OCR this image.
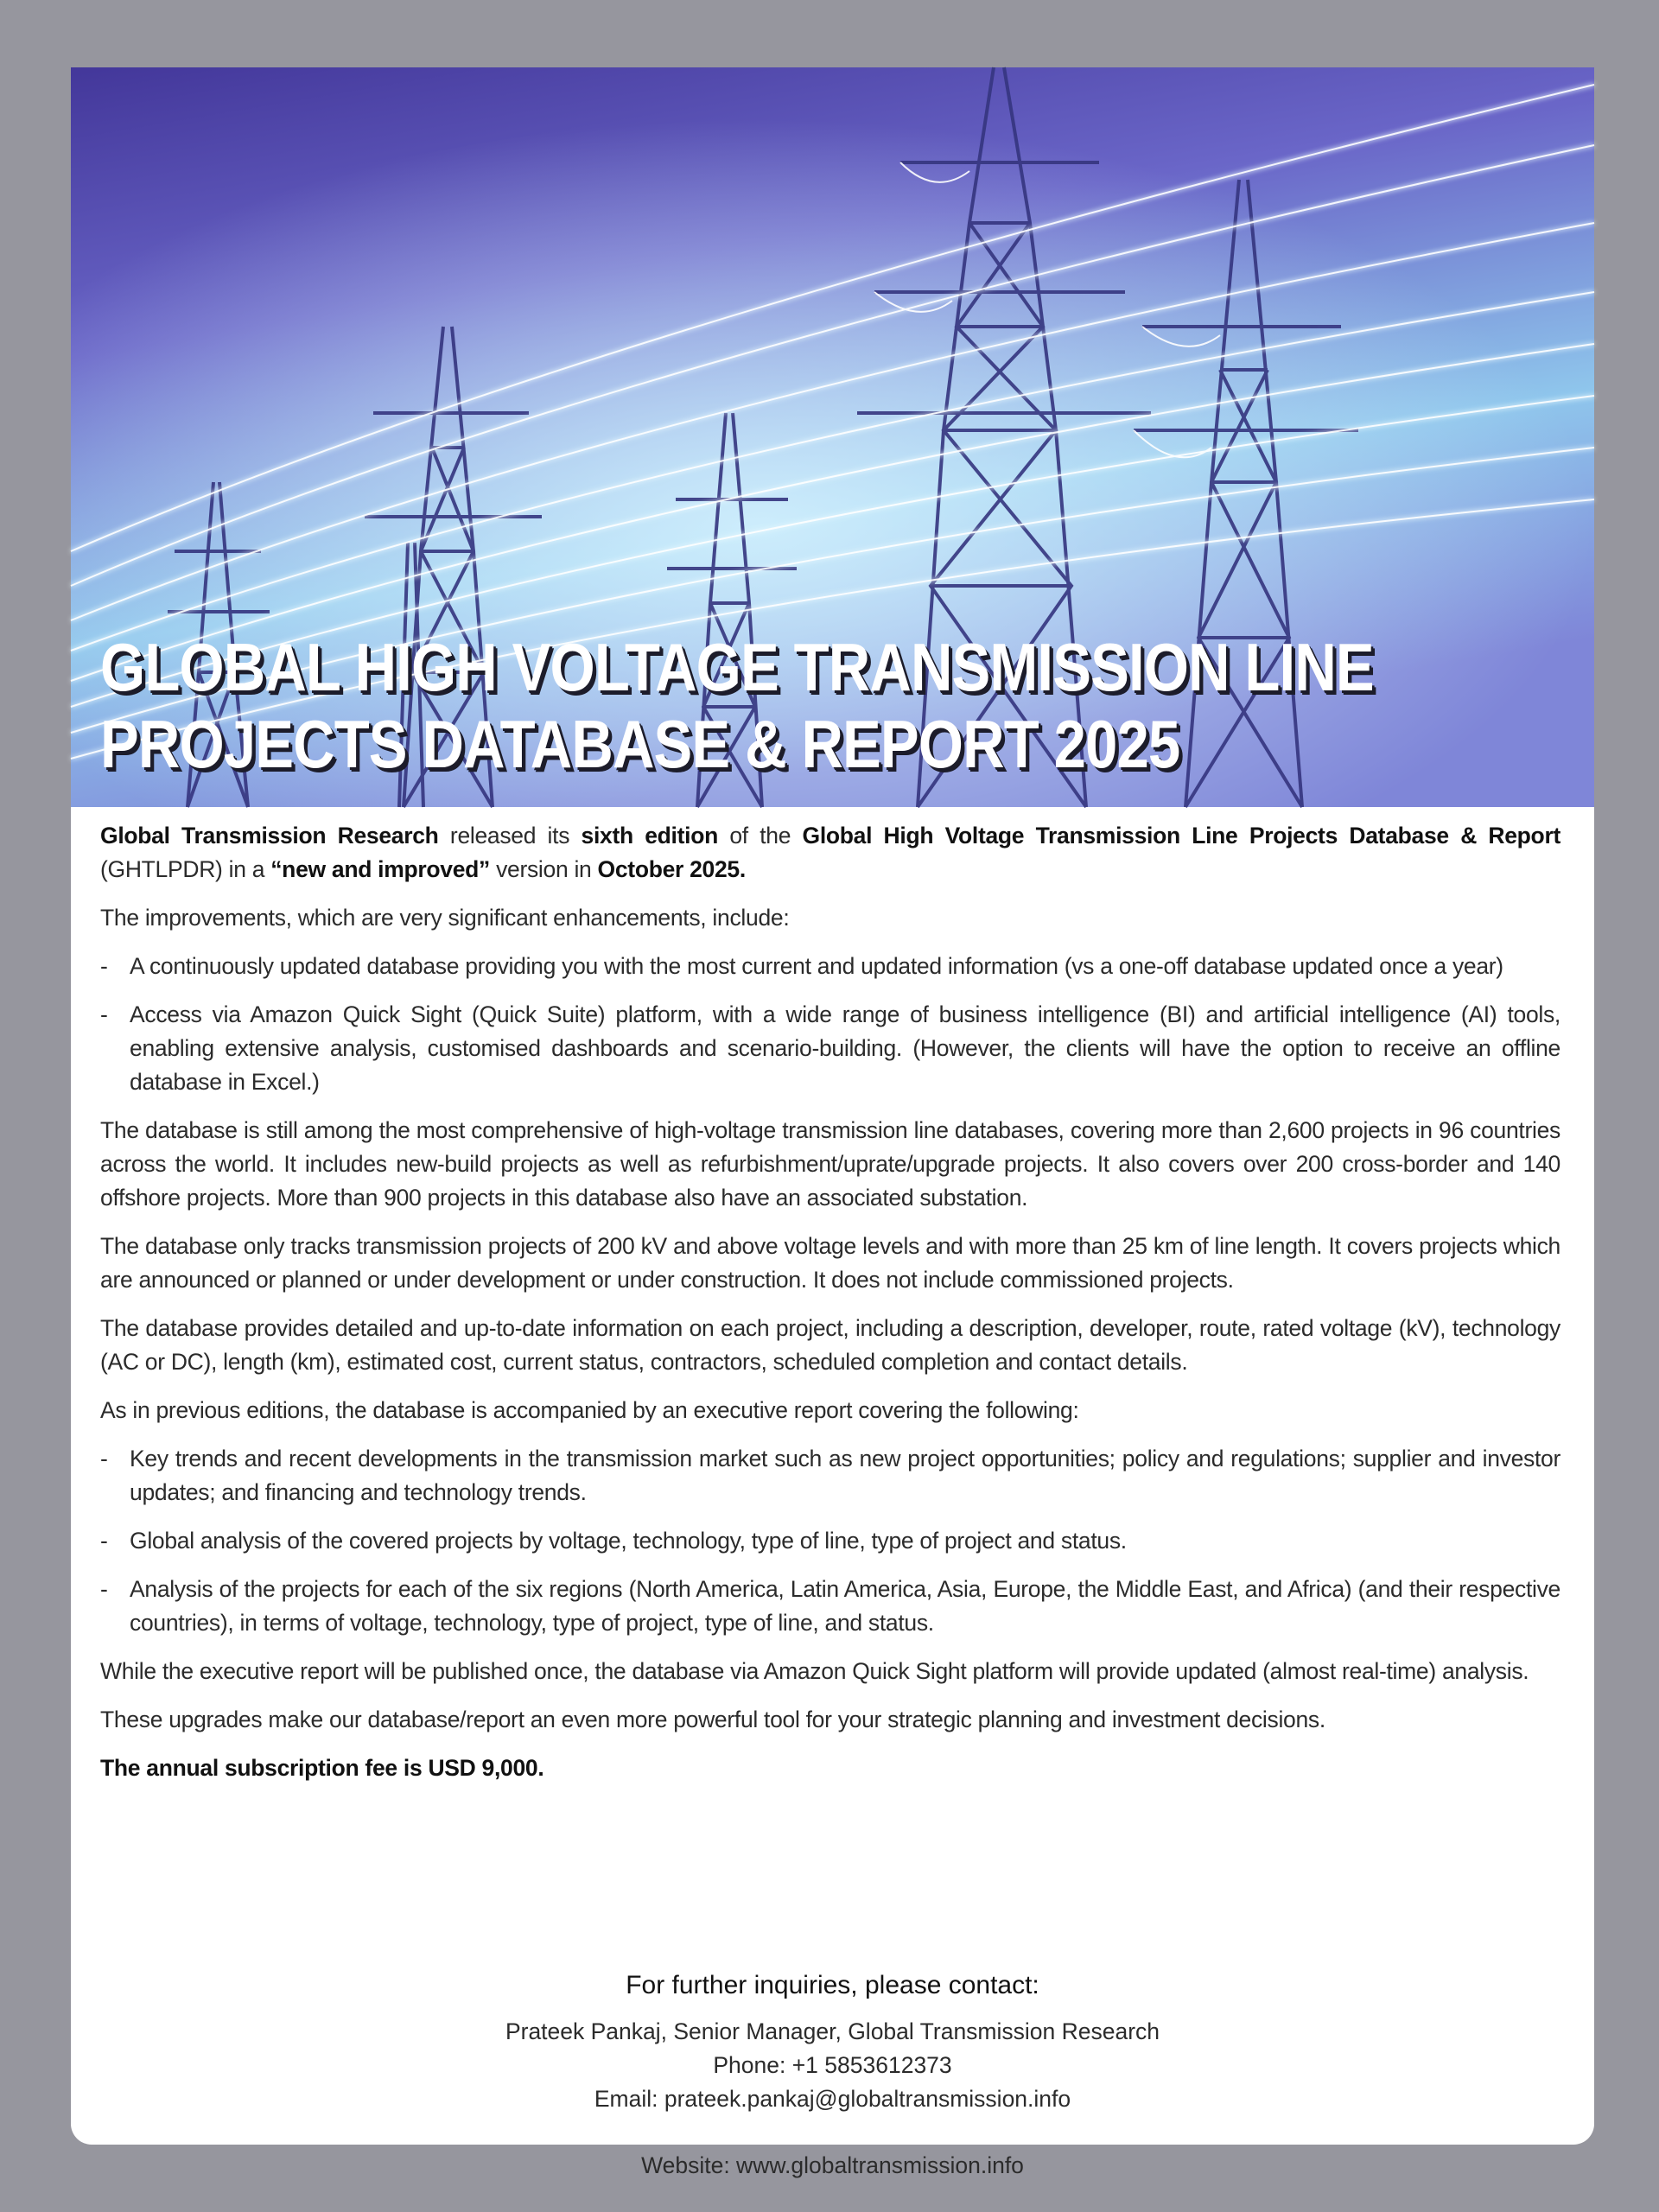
GLOBAL HIGH VOLTAGE TRANSMISSION LINE
PROJECTS DATABASE & REPORT 2025

Global Transmission Research released its sixth edition of the Global High Voltage Transmission Line Projects Database & Report (GHTLPDR) in a “new and improved” version in October 2025.

The improvements, which are very significant enhancements, include:

- A continuously updated database providing you with the most current and updated information (vs a one-off database updated once a year)
- Access via Amazon Quick Sight (Quick Suite) platform, with a wide range of business intelligence (BI) and artificial intelligence (AI) tools, enabling extensive analysis, customised dashboards and scenario-building. (However, the clients will have the option to receive an offline database in Excel.)

The database is still among the most comprehensive of high-voltage transmission line databases, covering more than 2,600 projects in 96 countries across the world. It includes new-build projects as well as refurbishment/uprate/upgrade projects. It also covers over 200 cross-border and 140 offshore projects. More than 900 projects in this database also have an associated substation.

The database only tracks transmission projects of 200 kV and above voltage levels and with more than 25 km of line length. It covers projects which are announced or planned or under development or under construction. It does not include commissioned projects.

The database provides detailed and up-to-date information on each project, including a description, developer, route, rated voltage (kV), technology (AC or DC), length (km), estimated cost, current status, contractors, scheduled completion and contact details.

As in previous editions, the database is accompanied by an executive report covering the following:

- Key trends and recent developments in the transmission market such as new project opportunities; policy and regulations; supplier and investor updates; and financing and technology trends.
- Global analysis of the covered projects by voltage, technology, type of line, type of project and status.
- Analysis of the projects for each of the six regions (North America, Latin America, Asia, Europe, the Middle East, and Africa) (and their respective countries), in terms of voltage, technology, type of project, type of line, and status.

While the executive report will be published once, the database via Amazon Quick Sight platform will provide updated (almost real-time) analysis.

These upgrades make our database/report an even more powerful tool for your strategic planning and investment decisions.

The annual subscription fee is USD 9,000.

For further inquiries, please contact:
Prateek Pankaj, Senior Manager, Global Transmission Research
Phone: +1 5853612373
Email: prateek.pankaj@globaltransmission.info
Website: www.globaltransmission.info
